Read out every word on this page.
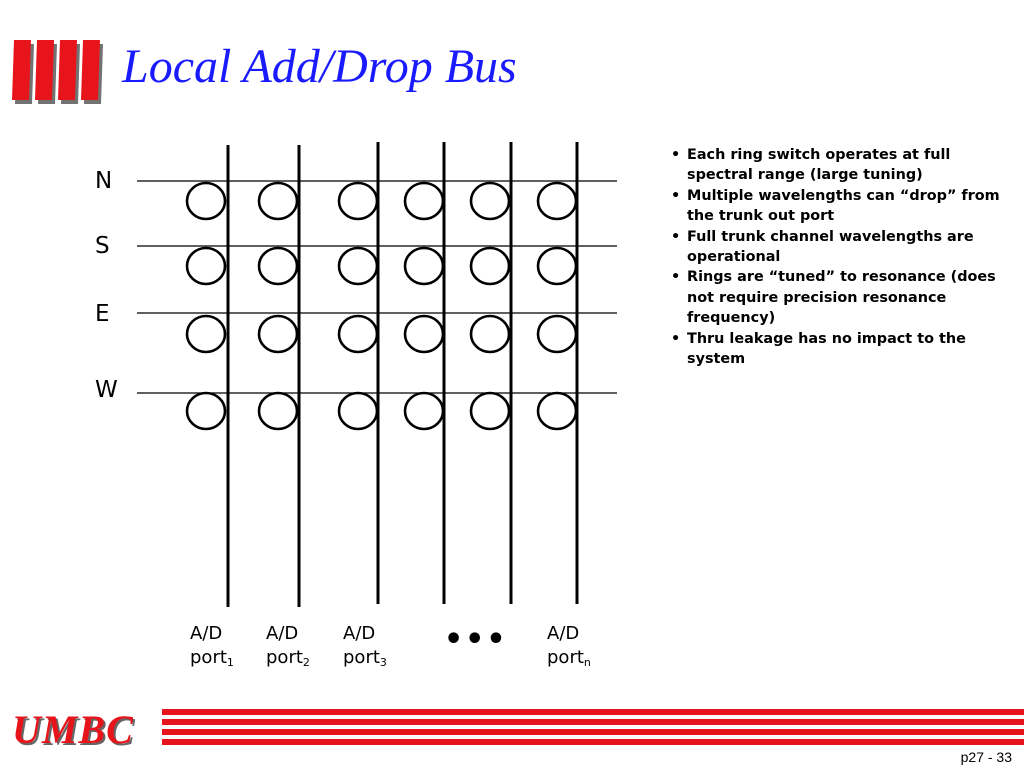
Local Add/Drop Bus
N
S
E
W
A/D
port$_1$
A/D
port$_2$
A/D
port$_3$
••• A/D
port$_n$
• Each ring switch operates at full spectral range (large tuning)
• Multiple wavelengths can “drop” from the trunk out port
• Full trunk channel wavelengths are operational
• Rings are “tuned” to resonance (does not require precision resonance frequency)
• Thru leakage has no impact to the system
UMBC
p27 - 33
